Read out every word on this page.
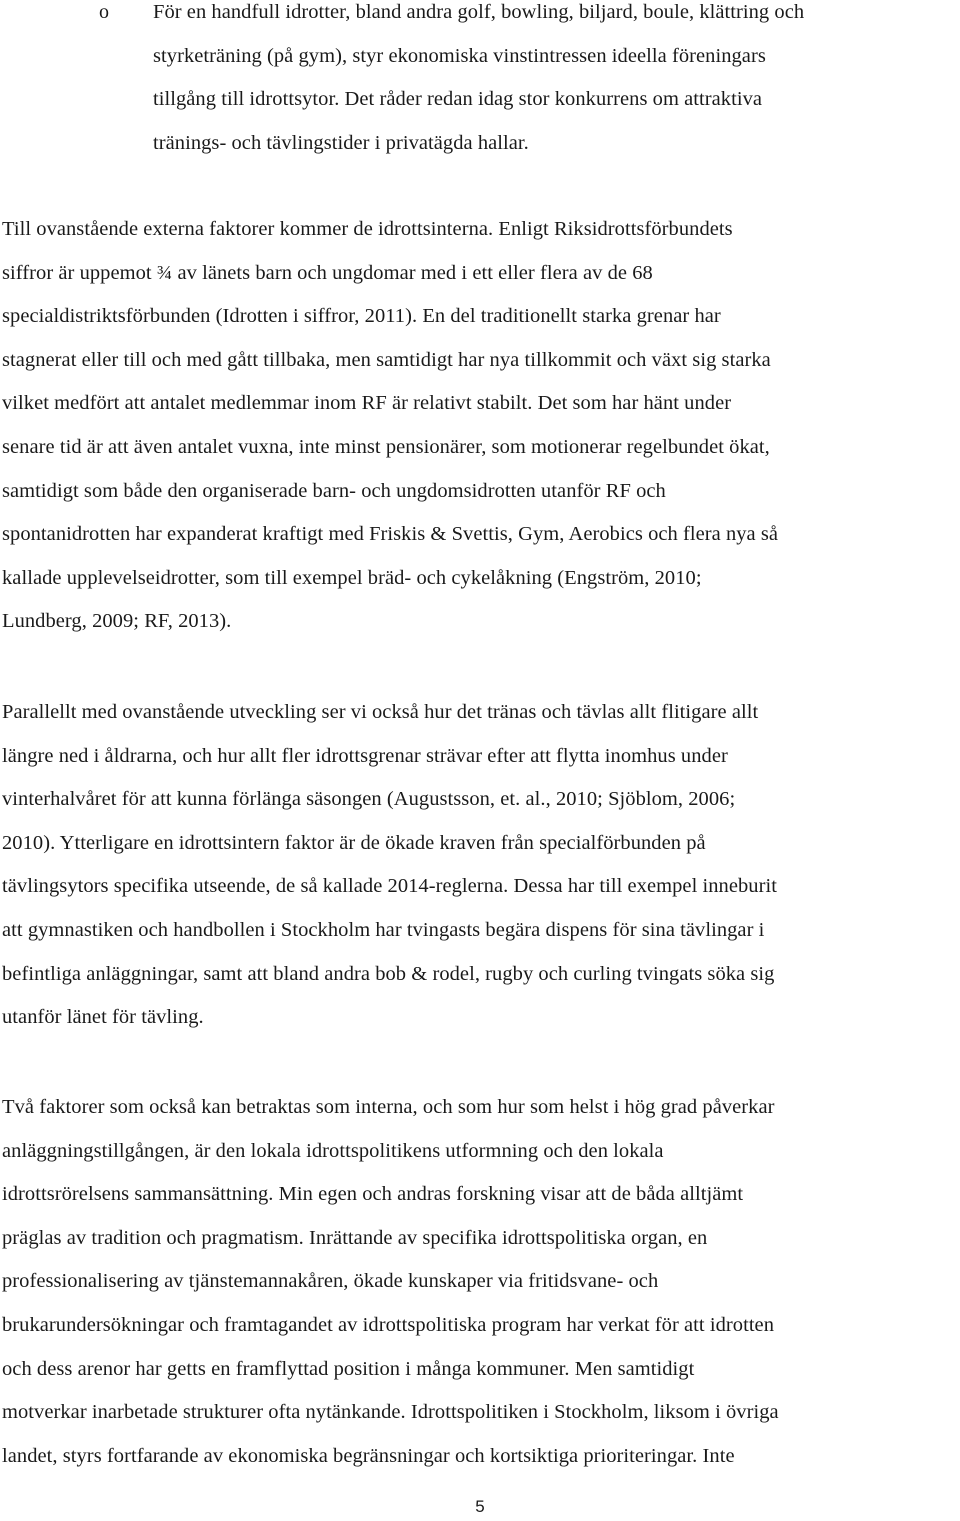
o För en handfull idrotter, bland andra golf, bowling, biljard, boule, klättring och
styrketräning (på gym), styr ekonomiska vinstintressen ideella föreningars
tillgång till idrottsytor. Det råder redan idag stor konkurrens om attraktiva
tränings- och tävlingstider i privatägda hallar.
Till ovanstående externa faktorer kommer de idrottsinterna. Enligt Riksidrottsförbundets
siffror är uppemot ¾ av länets barn och ungdomar med i ett eller flera av de 68
specialdistriktsförbunden (Idrotten i siffror, 2011). En del traditionellt starka grenar har
stagnerat eller till och med gått tillbaka, men samtidigt har nya tillkommit och växt sig starka
vilket medfört att antalet medlemmar inom RF är relativt stabilt. Det som har hänt under
senare tid är att även antalet vuxna, inte minst pensionärer, som motionerar regelbundet ökat,
samtidigt som både den organiserade barn- och ungdomsidrotten utanför RF och
spontanidrotten har expanderat kraftigt med Friskis & Svettis, Gym, Aerobics och flera nya så
kallade upplevelseidrotter, som till exempel bräd- och cykelåkning (Engström, 2010;
Lundberg, 2009; RF, 2013).
Parallellt med ovanstående utveckling ser vi också hur det tränas och tävlas allt flitigare allt
längre ned i åldrarna, och hur allt fler idrottsgrenar strävar efter att flytta inomhus under
vinterhalvåret för att kunna förlänga säsongen (Augustsson, et. al., 2010; Sjöblom, 2006;
2010). Ytterligare en idrottsintern faktor är de ökade kraven från specialförbunden på
tävlingsytors specifika utseende, de så kallade 2014-reglerna. Dessa har till exempel inneburit
att gymnastiken och handbollen i Stockholm har tvingasts begära dispens för sina tävlingar i
befintliga anläggningar, samt att bland andra bob & rodel, rugby och curling tvingats söka sig
utanför länet för tävling.
Två faktorer som också kan betraktas som interna, och som hur som helst i hög grad påverkar
anläggningstillgången, är den lokala idrottspolitikens utformning och den lokala
idrottsrörelsens sammansättning. Min egen och andras forskning visar att de båda alltjämt
präglas av tradition och pragmatism. Inrättande av specifika idrottspolitiska organ, en
professionalisering av tjänstemannakåren, ökade kunskaper via fritidsvane- och
brukarundersökningar och framtagandet av idrottspolitiska program har verkat för att idrotten
och dess arenor har getts en framflyttad position i många kommuner. Men samtidigt
motverkar inarbetade strukturer ofta nytänkande. Idrottspolitiken i Stockholm, liksom i övriga
landet, styrs fortfarande av ekonomiska begränsningar och kortsiktiga prioriteringar. Inte
5
